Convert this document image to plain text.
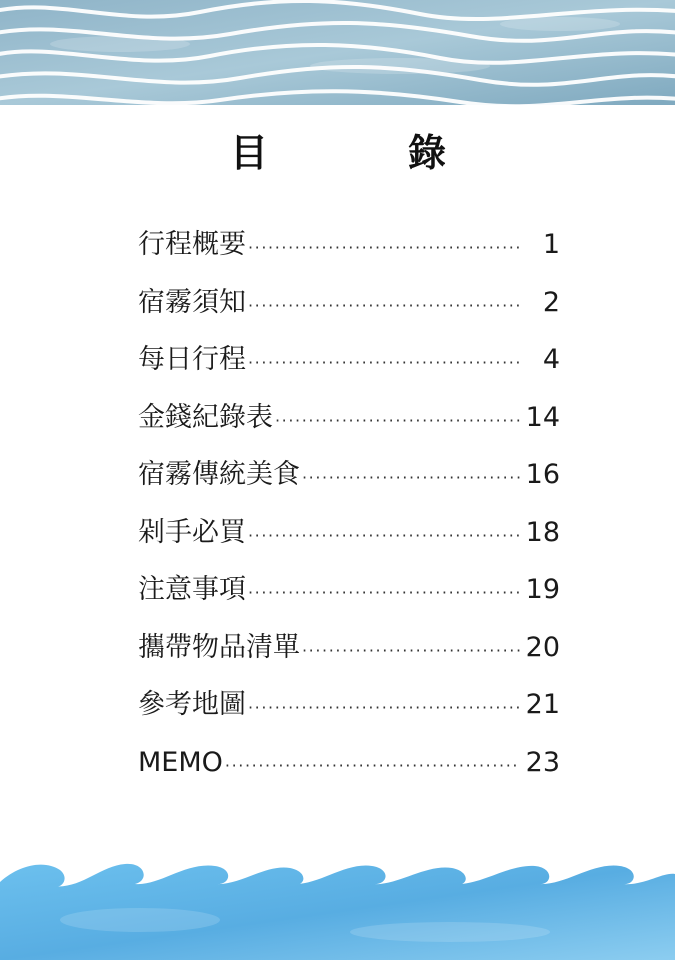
目	錄
行程概要 ·····	1
宿霧須知 ·····	2
每日行程 ·····	4
金錢紀錄表 ·····	14
宿霧傳統美食 ·····	16
剁手必買 ·····	18
注意事項 ·····	19
攜帶物品清單 ·····	20
參考地圖 ·····	21
MEMO ·····	23
